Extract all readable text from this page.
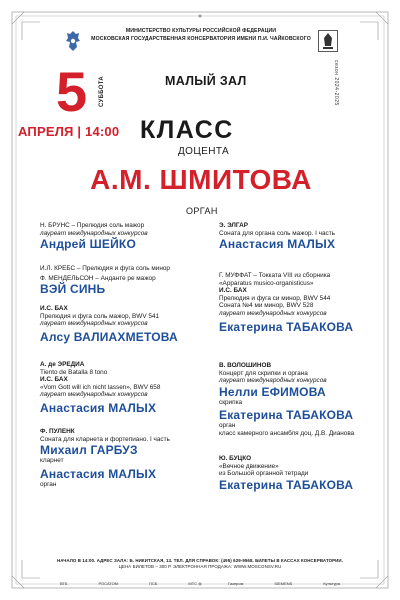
МИНИСТЕРСТВО КУЛЬТУРЫ РОССИЙСКОЙ ФЕДЕРАЦИИ
МОСКОВСКАЯ ГОСУДАРСТВЕННАЯ КОНСЕРВАТОРИЯ ИМЕНИ П.И. ЧАЙКОВСКОГО
сезон 2024-2025
5 СУББОТА
АПРЕЛЯ | 14:00
МАЛЫЙ ЗАЛ
КЛАСС
ДОЦЕНТА
А.М. ШМИТОВА
ОРГАН
Н. БРУНС – Прелюдия соль мажор
лауреат международных конкурсов
Андрей ШЕЙКО
И.Л. КРЕБС – Прелюдия и фуга соль минор
Ф. МЕНДЕЛЬСОН – Анданте ре мажор
ВЭЙ СИНЬ
И.С. БАХ
Прелюдия и фуга соль мажор, BWV 541
лауреат международных конкурсов
Алсу ВАЛИАХМЕТОВА
А. де ЭРЕДИА
Tiento de Batalla 8 tono
И.С. БАХ
«Vom Gott will ich nicht lassen», BWV 658
лауреат международных конкурсов
Анастасия МАЛЫХ
Ф. ПУЛЕНК
Соната для кларнета и фортепиано. I часть
Михаил ГАРБУЗ
кларнет
Анастасия МАЛЫХ
орган
Э. ЭЛГАР
Соната для органа соль мажор. I часть
Анастасия МАЛЫХ
Г. МУФФАТ – Токката VIII из сборника
«Apparatus musico-organisticus»
И.С. БАХ
Прелюдия и фуга си минор, BWV 544
Соната №4 ми минор, BWV 528
лауреат международных конкурсов
Екатерина ТАБАКОВА
В. ВОЛОШИНОВ
Концерт для скрипки и органа
лауреат международных конкурсов
Нелли ЕФИМОВА
скрипка
Екатерина ТАБАКОВА
орган
класс камерного ансамбля доц. Д.В. Дианова
Ю. БУЦКО
«Вечное движение»
из Большой органной тетради
Екатерина ТАБАКОВА
НАЧАЛО В 14:00. АДРЕС ЗАЛА: Б. НИКИТСКАЯ, 13. ТЕЛ. ДЛЯ СПРАВОК: (495) 629-9568. БИЛЕТЫ В КАССАХ КОНСЕРВАТОРИИ.
ЦЕНА БИЛЕТОВ – 300 Р. ЭЛЕКТРОННАЯ ПРОДАЖА: WWW.MOSCONSV.RU
ВТБ	РОСАТОМ	ПСБ	МТС	Газпром	SIEMENS	Культура
